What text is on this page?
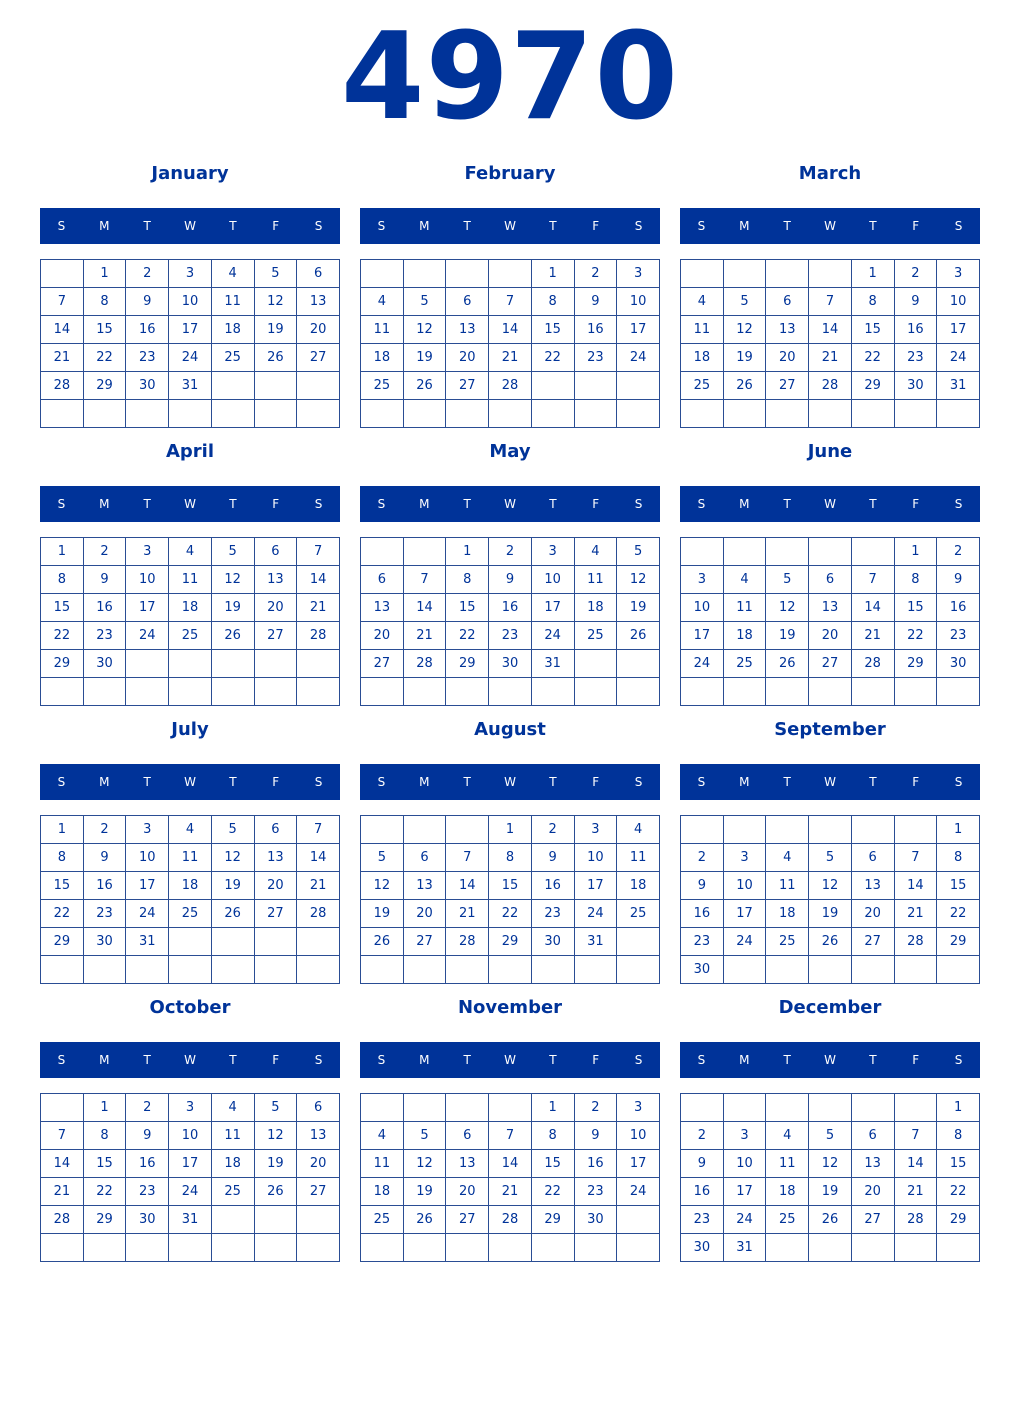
4970
January
S	M	T	W	T	F	S
	1	2	3	4	5	6
7	8	9	10	11	12	13
14	15	16	17	18	19	20
21	22	23	24	25	26	27
28	29	30	31			

February
S	M	T	W	T	F	S
				1	2	3
4	5	6	7	8	9	10
11	12	13	14	15	16	17
18	19	20	21	22	23	24
25	26	27	28			

March
S	M	T	W	T	F	S
				1	2	3
4	5	6	7	8	9	10
11	12	13	14	15	16	17
18	19	20	21	22	23	24
25	26	27	28	29	30	31

April
S	M	T	W	T	F	S
1	2	3	4	5	6	7
8	9	10	11	12	13	14
15	16	17	18	19	20	21
22	23	24	25	26	27	28
29	30					

May
S	M	T	W	T	F	S
		1	2	3	4	5
6	7	8	9	10	11	12
13	14	15	16	17	18	19
20	21	22	23	24	25	26
27	28	29	30	31		

June
S	M	T	W	T	F	S
					1	2
3	4	5	6	7	8	9
10	11	12	13	14	15	16
17	18	19	20	21	22	23
24	25	26	27	28	29	30

July
S	M	T	W	T	F	S
1	2	3	4	5	6	7
8	9	10	11	12	13	14
15	16	17	18	19	20	21
22	23	24	25	26	27	28
29	30	31				

August
S	M	T	W	T	F	S
			1	2	3	4
5	6	7	8	9	10	11
12	13	14	15	16	17	18
19	20	21	22	23	24	25
26	27	28	29	30	31	

September
S	M	T	W	T	F	S
						1
2	3	4	5	6	7	8
9	10	11	12	13	14	15
16	17	18	19	20	21	22
23	24	25	26	27	28	29
30						
October
S	M	T	W	T	F	S
	1	2	3	4	5	6
7	8	9	10	11	12	13
14	15	16	17	18	19	20
21	22	23	24	25	26	27
28	29	30	31			

November
S	M	T	W	T	F	S
				1	2	3
4	5	6	7	8	9	10
11	12	13	14	15	16	17
18	19	20	21	22	23	24
25	26	27	28	29	30	

December
S	M	T	W	T	F	S
						1
2	3	4	5	6	7	8
9	10	11	12	13	14	15
16	17	18	19	20	21	22
23	24	25	26	27	28	29
30	31					
